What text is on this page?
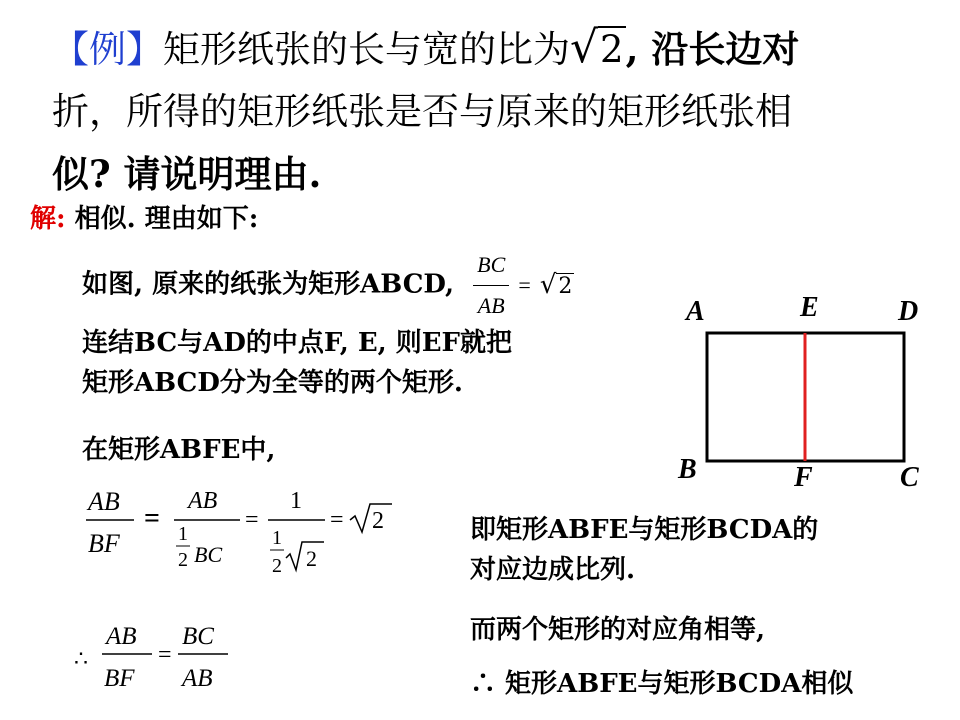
【例】矩形纸张的长与宽的比为√2, 沿长边对
折，所得的矩形纸张是否与原来的矩形纸张相
似? 请说明理由.
解: 相似. 理由如下:
如图, 原来的纸张为矩形ABCD, $\frac{BC}{AB} = √2$
连结BC与AD的中点F, E, 则EF就把
矩形ABCD分为全等的两个矩形.
在矩形ABFE中,
AB
BF
=
AB
1
2 BC
=
1
1
2 2
= 2
∴
AB
BF
BC
AB
=
即矩形ABFE与矩形BCDA的
对应边成比列.
而两个矩形的对应角相等,
∴ 矩形ABFE与矩形BCDA相似
A	E	D
B	F	C
